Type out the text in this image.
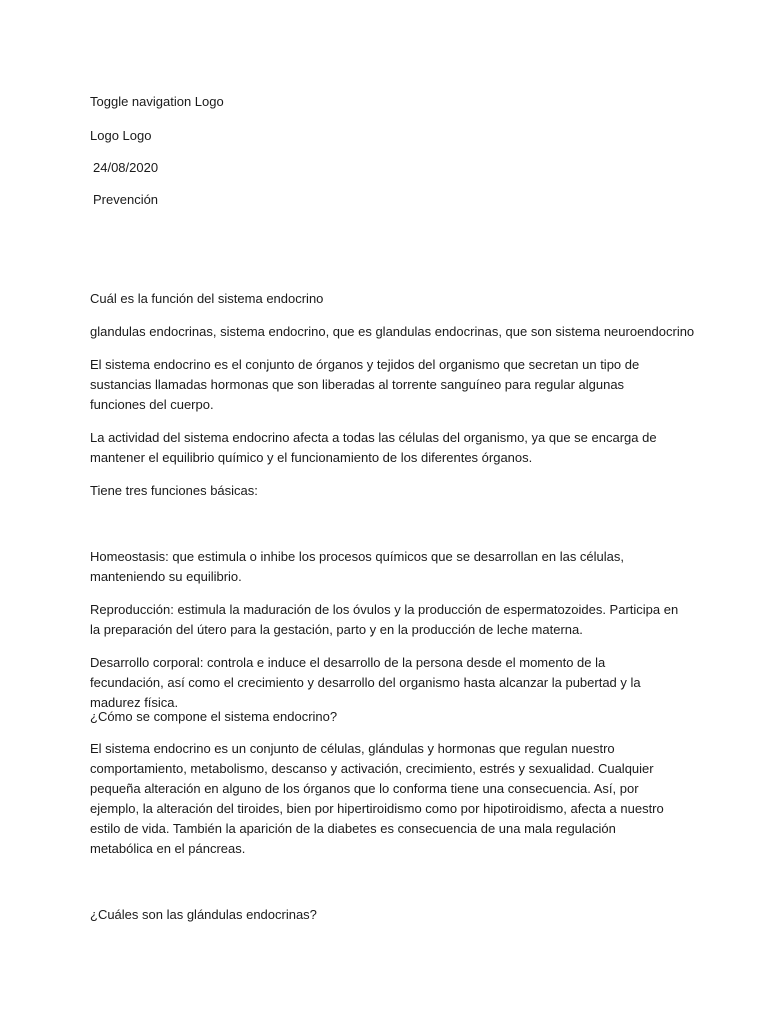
Toggle navigation Logo
Logo Logo
24/08/2020
Prevención
Cuál es la función del sistema endocrino
glandulas endocrinas, sistema endocrino, que es glandulas endocrinas, que son sistema neuroendocrino
El sistema endocrino es el conjunto de órganos y tejidos del organismo que secretan un tipo de sustancias llamadas hormonas que son liberadas al torrente sanguíneo para regular algunas funciones del cuerpo.
La actividad del sistema endocrino afecta a todas las células del organismo, ya que se encarga de mantener el equilibrio químico y el funcionamiento de los diferentes órganos.
Tiene tres funciones básicas:
Homeostasis: que estimula o inhibe los procesos químicos que se desarrollan en las células, manteniendo su equilibrio.
Reproducción: estimula la maduración de los óvulos y la producción de espermatozoides. Participa en la preparación del útero para la gestación, parto y en la producción de leche materna.
Desarrollo corporal: controla e induce el desarrollo de la persona desde el momento de la fecundación, así como el crecimiento y desarrollo del organismo hasta alcanzar la pubertad y la madurez física.
¿Cómo se compone el sistema endocrino?
El sistema endocrino es un conjunto de células, glándulas y hormonas que regulan nuestro comportamiento, metabolismo, descanso y activación, crecimiento, estrés y sexualidad. Cualquier pequeña alteración en alguno de los órganos que lo conforma tiene una consecuencia. Así, por ejemplo, la alteración del tiroides, bien por hipertiroidismo como por hipotiroidismo, afecta a nuestro estilo de vida. También la aparición de la diabetes es consecuencia de una mala regulación metabólica en el páncreas.
¿Cuáles son las glándulas endocrinas?
